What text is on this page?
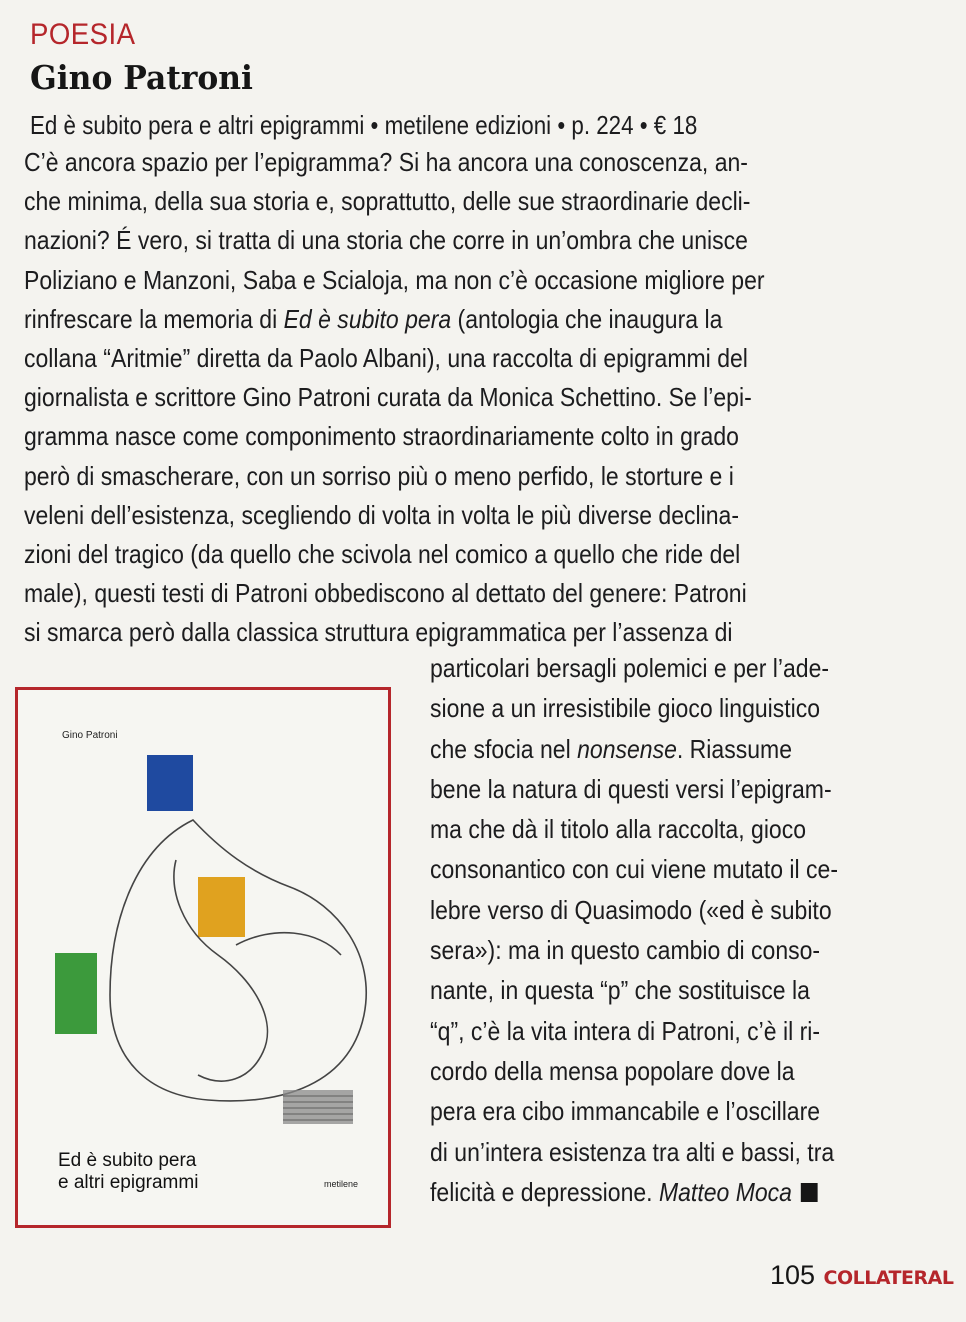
POESIA
Gino Patroni
Ed è subito pera e altri epigrammi • metilene edizioni • p. 224 • € 18
C’è ancora spazio per l’epigramma? Si ha ancora una conoscenza, an-
che minima, della sua storia e, soprattutto, delle sue straordinarie decli-
nazioni? É vero, si tratta di una storia che corre in un’ombra che unisce
Poliziano e Manzoni, Saba e Scialoja, ma non c’è occasione migliore per
rinfrescare la memoria di Ed è subito pera (antologia che inaugura la
collana “Aritmie” diretta da Paolo Albani), una raccolta di epigrammi del
giornalista e scrittore Gino Patroni curata da Monica Schettino. Se l’epi-
gramma nasce come componimento straordinariamente colto in grado
però di smascherare, con un sorriso più o meno perfido, le storture e i
veleni dell’esistenza, scegliendo di volta in volta le più diverse declina-
zioni del tragico (da quello che scivola nel comico a quello che ride del
male), questi testi di Patroni obbediscono al dettato del genere: Patroni
si smarca però dalla classica struttura epigrammatica per l’assenza di
Gino Patroni
Ed è subito pera
e altri epigrammi	metilene
particolari bersagli polemici e per l’ade-
sione a un irresistibile gioco linguistico
che sfocia nel nonsense. Riassume
bene la natura di questi versi l’epigram-
ma che dà il titolo alla raccolta, gioco
consonantico con cui viene mutato il ce-
lebre verso di Quasimodo («ed è subito
sera»): ma in questo cambio di conso-
nante, in questa “p” che sostituisce la
“q”, c’è la vita intera di Patroni, c’è il ri-
cordo della mensa popolare dove la
pera era cibo immancabile e l’oscillare
di un’intera esistenza tra alti e bassi, tra
felicità e depressione. Matteo Moca
105 COLLATERAL
